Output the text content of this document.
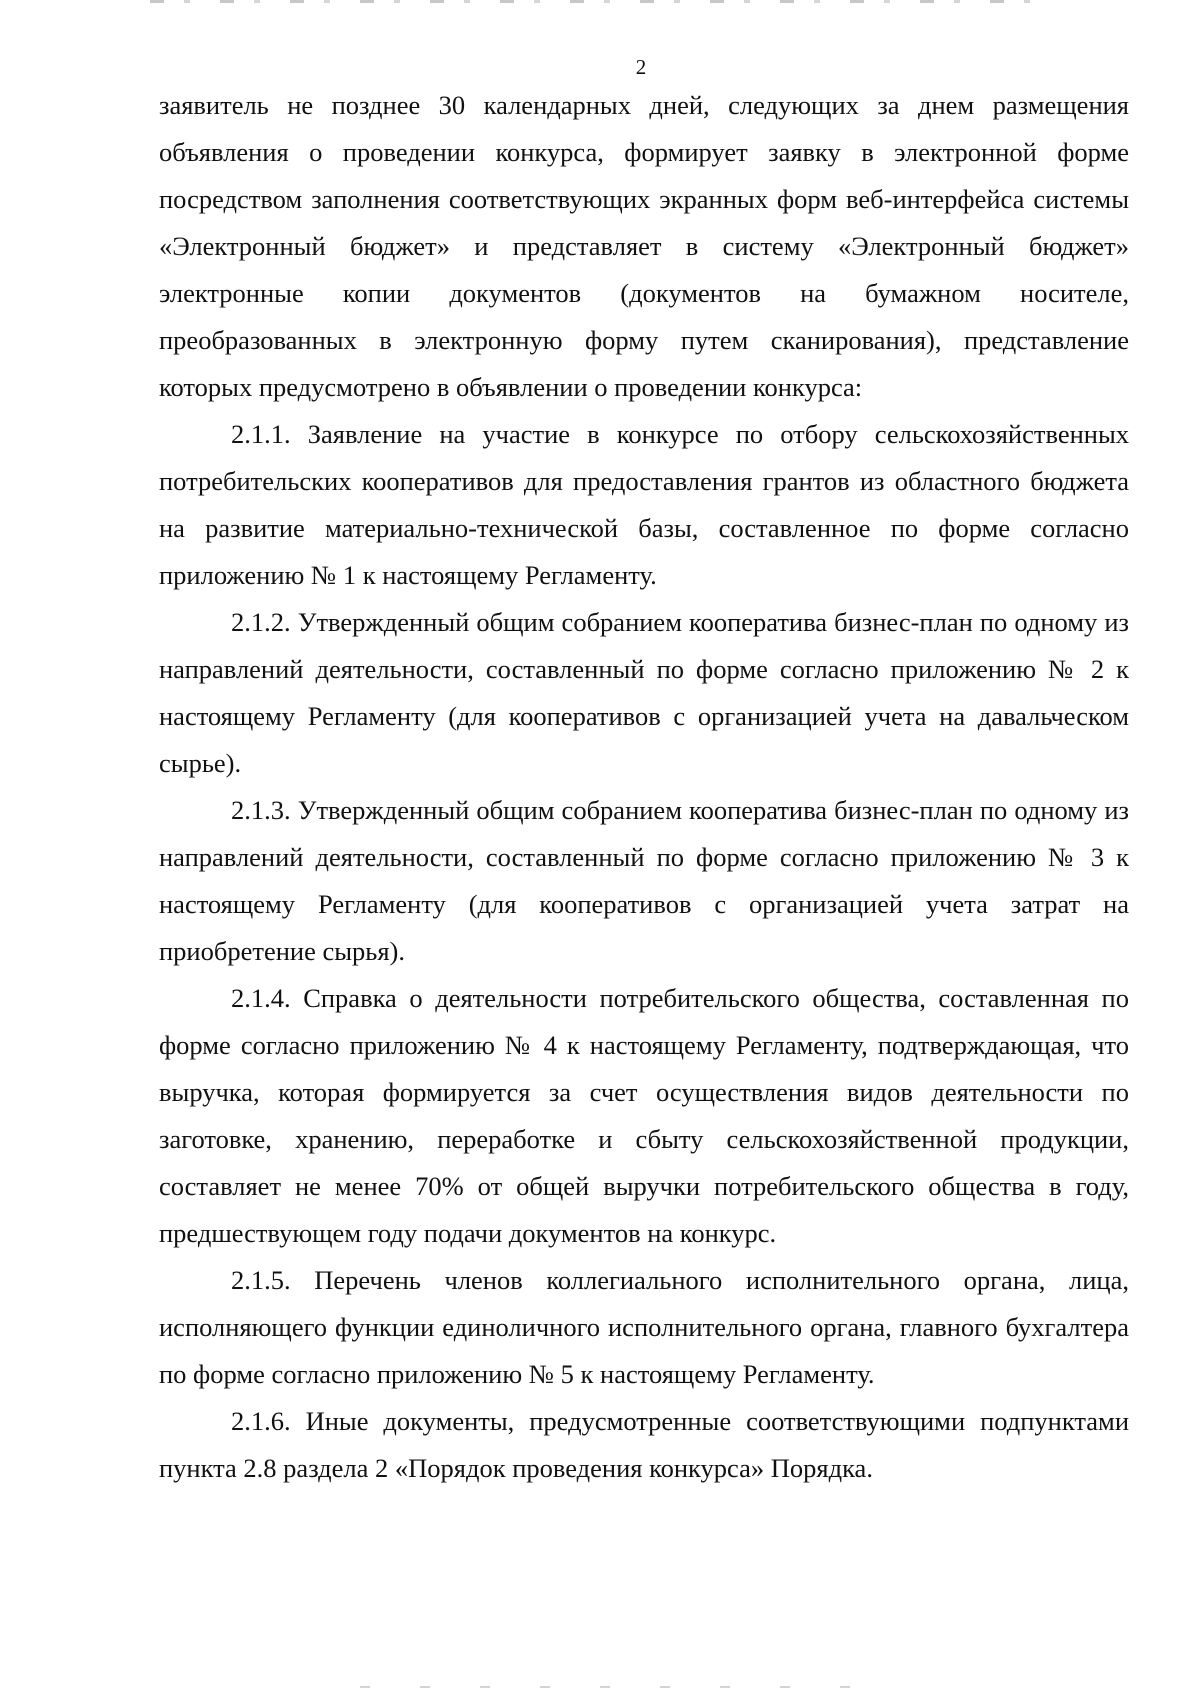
2

заявитель не позднее 30 календарных дней, следующих за днем размещения объявления о проведении конкурса, формирует заявку в электронной форме посредством заполнения соответствующих экранных форм веб-интерфейса системы «Электронный бюджет» и представляет в систему «Электронный бюджет» электронные копии документов (документов на бумажном носителе, преобразованных в электронную форму путем сканирования), представление которых предусмотрено в объявлении о проведении конкурса:

2.1.1. Заявление на участие в конкурсе по отбору сельскохозяйственных потребительских кооперативов для предоставления грантов из областного бюджета на развитие материально-технической базы, составленное по форме согласно приложению № 1 к настоящему Регламенту.

2.1.2. Утвержденный общим собранием кооператива бизнес-план по одному из направлений деятельности, составленный по форме согласно приложению № 2 к настоящему Регламенту (для кооперативов с организацией учета на давальческом сырье).

2.1.3. Утвержденный общим собранием кооператива бизнес-план по одному из направлений деятельности, составленный по форме согласно приложению № 3 к настоящему Регламенту (для кооперативов с организацией учета затрат на приобретение сырья).

2.1.4. Справка о деятельности потребительского общества, составленная по форме согласно приложению № 4 к настоящему Регламенту, подтверждающая, что выручка, которая формируется за счет осуществления видов деятельности по заготовке, хранению, переработке и сбыту сельскохозяйственной продукции, составляет не менее 70% от общей выручки потребительского общества в году, предшествующем году подачи документов на конкурс.

2.1.5. Перечень членов коллегиального исполнительного органа, лица, исполняющего функции единоличного исполнительного органа, главного бухгалтера по форме согласно приложению № 5 к настоящему Регламенту.

2.1.6. Иные документы, предусмотренные соответствующими подпунктами пункта 2.8 раздела 2 «Порядок проведения конкурса» Порядка.
